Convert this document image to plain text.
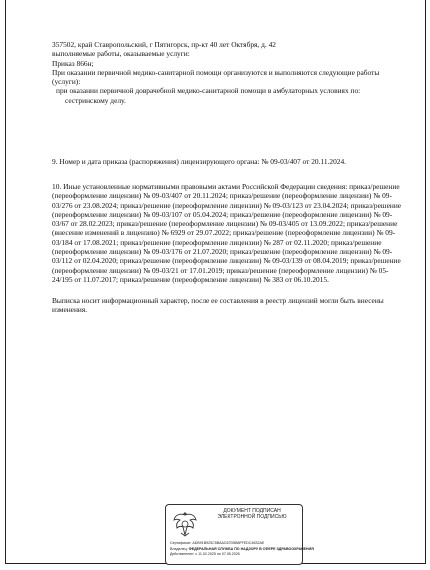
357502, край Ставропольский, г Пятигорск, пр-кт 40 лет Октября, д. 42

выполняемые работы, оказываемые услуги:

Приказ 866н;

При оказании первичной медико-санитарной помощи организуются и выполняются следующие работы (услуги):

при оказании первичной доврачебной медико-санитарной помощи в амбулаторных условиях по:

сестринскому делу.

9. Номер и дата приказа (распоряжения) лицензирующего органа: № 09-03/407 от 20.11.2024.

10. Иные установленные нормативными правовыми актами Российской Федерации сведения: приказ/решение (переоформление лицензии) № 09-03/407 от 20.11.2024; приказ/решение (переоформление лицензии) № 09-03/276 от 23.08.2024; приказ/решение (переоформление лицензии) № 09-03/123 от 23.04.2024; приказ/решение (переоформление лицензии) № 09-03/107 от 05.04.2024; приказ/решение (переоформление лицензии) № 09-03/67 от 28.02.2023; приказ/решение (переоформление лицензии) № 09-03/405 от 13.09.2022; приказ/решение (внесение изменений в лицензию) № 6929 от 29.07.2022; приказ/решение (переоформление лицензии) № 09-03/184 от 17.08.2021; приказ/решение (переоформление лицензии) № 287 от 02.11.2020; приказ/решение (переоформление лицензии) № 09-03/176 от 21.07.2020; приказ/решение (переоформление лицензии) № 09-03/112 от 02.04.2020; приказ/решение (переоформление лицензии) № 09-03/139 от 08.04.2019; приказ/решение (переоформление лицензии) № 09-03/21 от 17.01.2019; приказ/решение (переоформление лицензии) № 05-24/195 от 11.07.2017; приказ/решение (переоформление лицензии) № 383 от 06.10.2015.

Выписка носит информационный характер, после ее составления в реестр лицензий могли быть внесены изменения.

ДОКУМЕНТ ПОДПИСАН
ЭЛЕКТРОННОЙ ПОДПИСЬЮ
Сертификат: ADB91B925C5BAAC67D5B8FFEDC4632AE
Владелец: ФЕДЕРАЛЬНАЯ СЛУЖБА ПО НАДЗОРУ В СФЕРЕ ЗДРАВООХРАНЕНИЯ
Действителен: с 11.02.2025 по 07.05.2026
